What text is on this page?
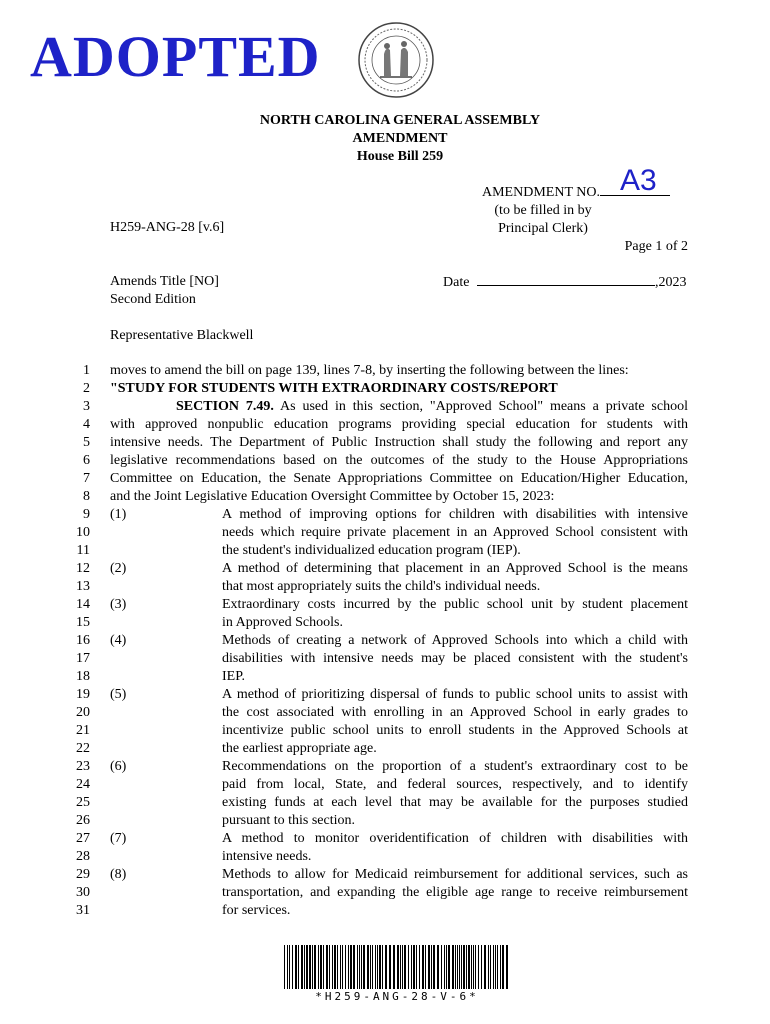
ADOPTED
NORTH CAROLINA GENERAL ASSEMBLY
AMENDMENT
House Bill 259
AMENDMENT NO. A3
(to be filled in by
Principal Clerk)
H259-ANG-28 [v.6]
Page 1 of 2
Amends Title [NO]
Second Edition
Date	,2023
Representative Blackwell
1
2
3
4
5
6
7
8
9
10
11
12
13
14
15
16
17
18
19
20
21
22
23
24
25
26
27
28
29
30
31
moves to amend the bill on page 139, lines 7-8, by inserting the following between the lines:
"STUDY FOR STUDENTS WITH EXTRAORDINARY COSTS/REPORT
SECTION 7.49. As used in this section, "Approved School" means a private school
with approved nonpublic education programs providing special education for students with
intensive needs. The Department of Public Instruction shall study the following and report any
legislative recommendations based on the outcomes of the study to the House Appropriations
Committee on Education, the Senate Appropriations Committee on Education/Higher Education,
and the Joint Legislative Education Oversight Committee by October 15, 2023:
(1)	A method of improving options for children with disabilities with intensive
needs which require private placement in an Approved School consistent with
the student's individualized education program (IEP).
(2)	A method of determining that placement in an Approved School is the means
that most appropriately suits the child's individual needs.
(3)	Extraordinary costs incurred by the public school unit by student placement
in Approved Schools.
(4)	Methods of creating a network of Approved Schools into which a child with
disabilities with intensive needs may be placed consistent with the student's
IEP.
(5)	A method of prioritizing dispersal of funds to public school units to assist with
the cost associated with enrolling in an Approved School in early grades to
incentivize public school units to enroll students in the Approved Schools at
the earliest appropriate age.
(6)	Recommendations on the proportion of a student's extraordinary cost to be
paid from local, State, and federal sources, respectively, and to identify
existing funds at each level that may be available for the purposes studied
pursuant to this section.
(7)	A method to monitor overidentification of children with disabilities with
intensive needs.
(8)	Methods to allow for Medicaid reimbursement for additional services, such as
transportation, and expanding the eligible age range to receive reimbursement
for services.
*H259-ANG-28-V-6*
